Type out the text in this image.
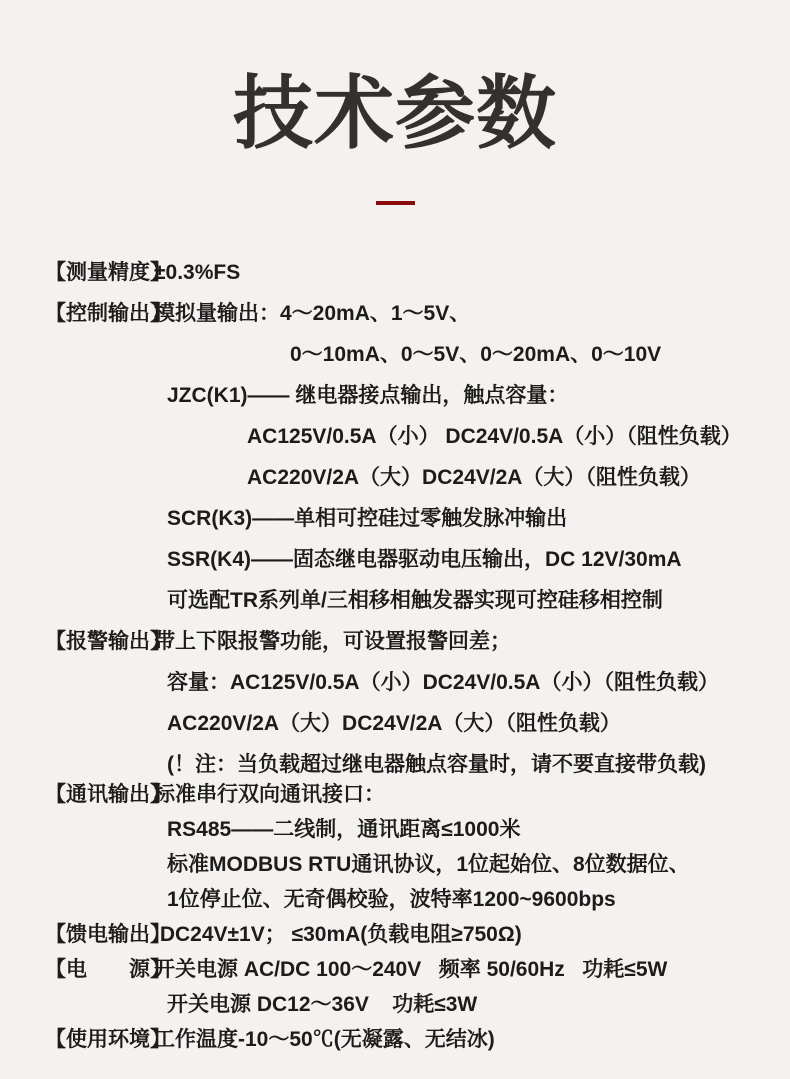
技术参数
【测量精度】
±0.3%FS
【控制输出】
模拟量输出：4～20mA、1～5V、
0～10mA、0～5V、0～20mA、0～10V
JZC(K1)—— 继电器接点输出，触点容量：
AC125V/0.5A（小） DC24V/0.5A（小）（阻性负载）
AC220V/2A（大）DC24V/2A（大）（阻性负载）
SCR(K3)——单相可控硅过零触发脉冲输出
SSR(K4)——固态继电器驱动电压输出，DC 12V/30mA
可选配TR系列单/三相移相触发器实现可控硅移相控制
【报警输出】
带上下限报警功能，可设置报警回差；
容量：AC125V/0.5A（小）DC24V/0.5A（小）（阻性负载）
AC220V/2A（大）DC24V/2A（大）（阻性负载）
(！注：当负载超过继电器触点容量时，请不要直接带负载)
【通讯输出】
标准串行双向通讯接口：
RS485——二线制，通讯距离≤1000米
标准MODBUS RTU通讯协议，1位起始位、8位数据位、
1位停止位、无奇偶校验，波特率1200~9600bps
【馈电输出】
DC24V±1V； ≤30mA(负载电阻≥750Ω)
【电　　源】
开关电源 AC/DC 100～240V   频率 50/60Hz   功耗≤5W
开关电源 DC12～36V    功耗≤3W
【使用环境】
工作温度-10～50℃(无凝露、无结冰)
